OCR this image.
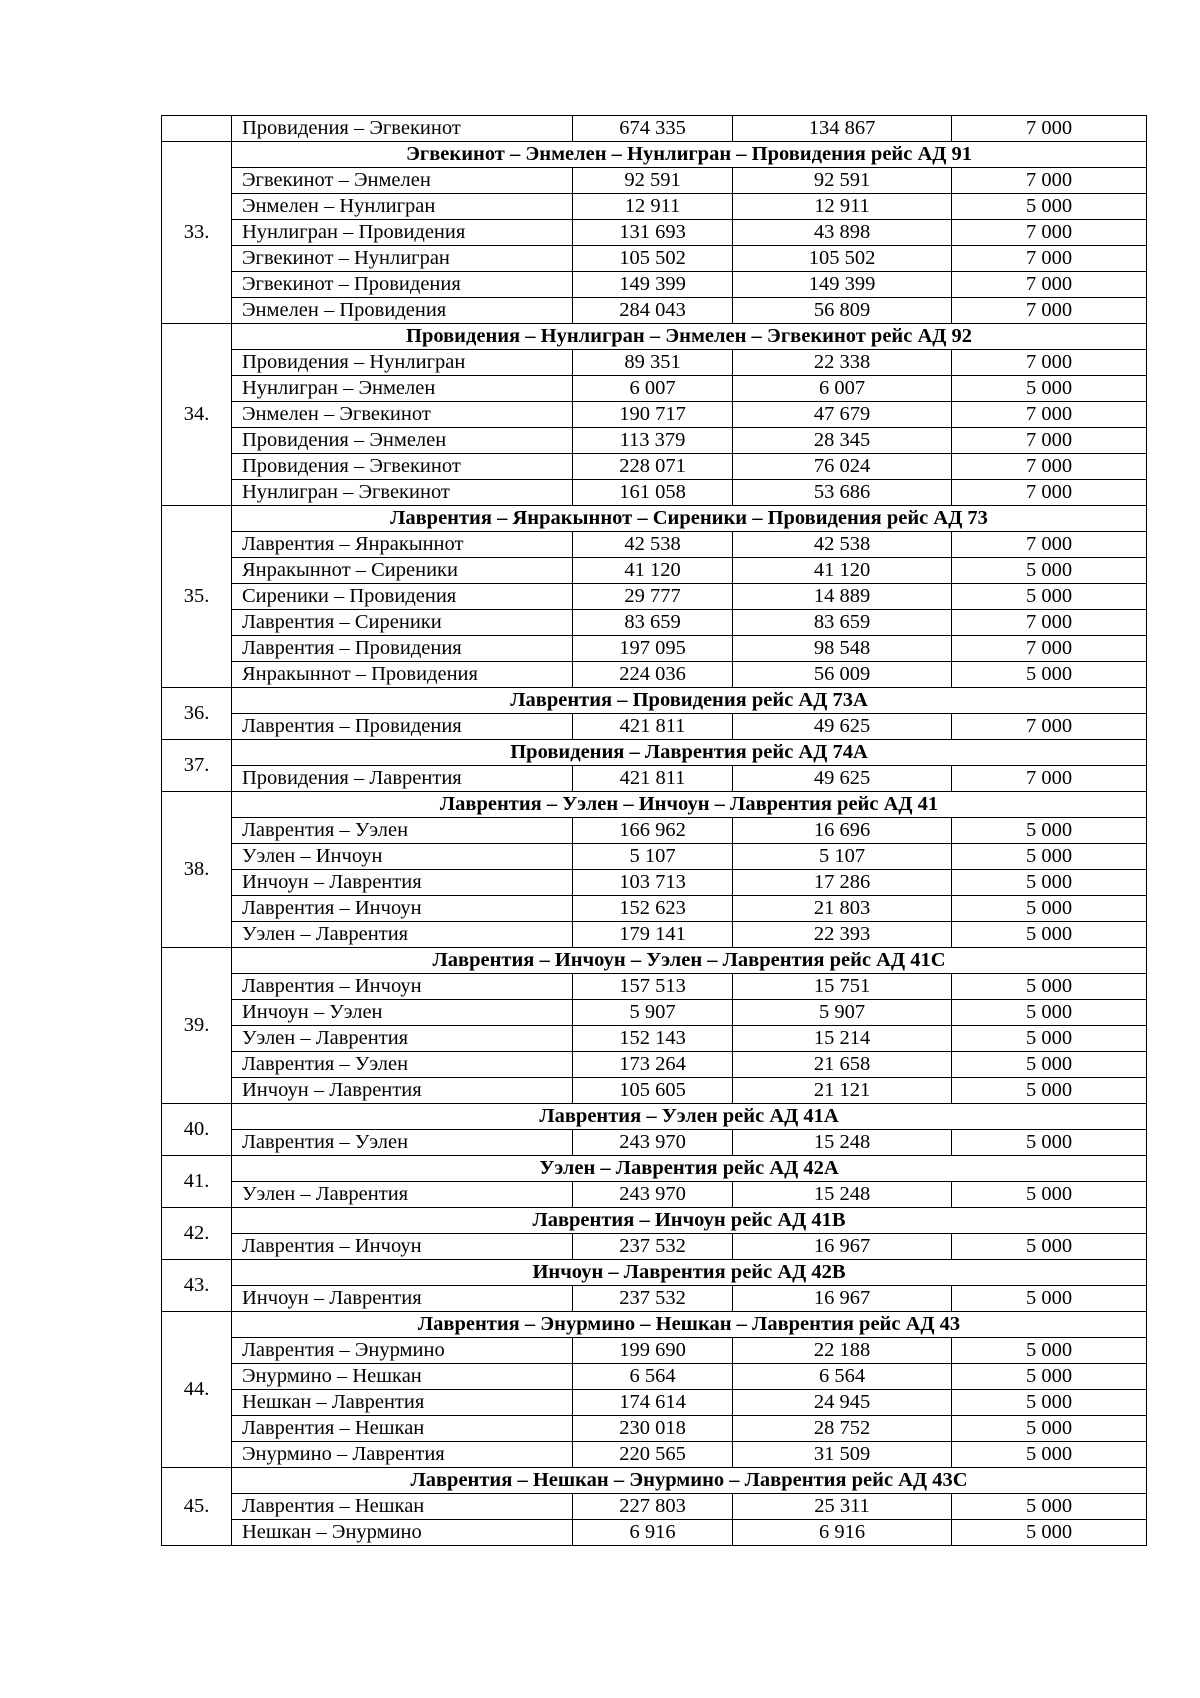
	Провидения – Эгвекинот	674 335	134 867	7 000
33.	Эгвекинот – Энмелен – Нунлигран – Провидения рейс АД 91			
	Эгвекинот – Энмелен	92 591	92 591	7 000
	Энмелен – Нунлигран	12 911	12 911	5 000
	Нунлигран – Провидения	131 693	43 898	7 000
	Эгвекинот – Нунлигран	105 502	105 502	7 000
	Эгвекинот – Провидения	149 399	149 399	7 000
	Энмелен – Провидения	284 043	56 809	7 000
34.	Провидения – Нунлигран – Энмелен – Эгвекинот рейс АД 92			
	Провидения – Нунлигран	89 351	22 338	7 000
	Нунлигран – Энмелен	6 007	6 007	5 000
	Энмелен – Эгвекинот	190 717	47 679	7 000
	Провидения – Энмелен	113 379	28 345	7 000
	Провидения – Эгвекинот	228 071	76 024	7 000
	Нунлигран – Эгвекинот	161 058	53 686	7 000
35.	Лаврентия – Янракыннот – Сиреники – Провидения рейс АД 73			
	Лаврентия – Янракыннот	42 538	42 538	7 000
	Янракыннот – Сиреники	41 120	41 120	5 000
	Сиреники – Провидения	29 777	14 889	5 000
	Лаврентия – Сиреники	83 659	83 659	7 000
	Лаврентия – Провидения	197 095	98 548	7 000
	Янракыннот – Провидения	224 036	56 009	5 000
36.	Лаврентия – Провидения рейс АД 73А			
	Лаврентия – Провидения	421 811	49 625	7 000
37.	Провидения – Лаврентия рейс АД 74А			
	Провидения – Лаврентия	421 811	49 625	7 000
38.	Лаврентия – Уэлен – Инчоун – Лаврентия рейс АД 41			
	Лаврентия – Уэлен	166 962	16 696	5 000
	Уэлен – Инчоун	5 107	5 107	5 000
	Инчоун – Лаврентия	103 713	17 286	5 000
	Лаврентия – Инчоун	152 623	21 803	5 000
	Уэлен – Лаврентия	179 141	22 393	5 000
39.	Лаврентия – Инчоун – Уэлен – Лаврентия рейс АД 41С			
	Лаврентия – Инчоун	157 513	15 751	5 000
	Инчоун – Уэлен	5 907	5 907	5 000
	Уэлен – Лаврентия	152 143	15 214	5 000
	Лаврентия – Уэлен	173 264	21 658	5 000
	Инчоун – Лаврентия	105 605	21 121	5 000
40.	Лаврентия – Уэлен рейс АД 41А			
	Лаврентия – Уэлен	243 970	15 248	5 000
41.	Уэлен – Лаврентия рейс АД 42А			
	Уэлен – Лаврентия	243 970	15 248	5 000
42.	Лаврентия – Инчоун рейс АД 41В			
	Лаврентия – Инчоун	237 532	16 967	5 000
43.	Инчоун – Лаврентия рейс АД 42В			
	Инчоун – Лаврентия	237 532	16 967	5 000
44.	Лаврентия – Энурмино – Нешкан – Лаврентия рейс АД 43			
	Лаврентия – Энурмино	199 690	22 188	5 000
	Энурмино – Нешкан	6 564	6 564	5 000
	Нешкан – Лаврентия	174 614	24 945	5 000
	Лаврентия – Нешкан	230 018	28 752	5 000
	Энурмино – Лаврентия	220 565	31 509	5 000
45.	Лаврентия – Нешкан – Энурмино – Лаврентия рейс АД 43С			
	Лаврентия – Нешкан	227 803	25 311	5 000
	Нешкан – Энурмино	6 916	6 916	5 000
